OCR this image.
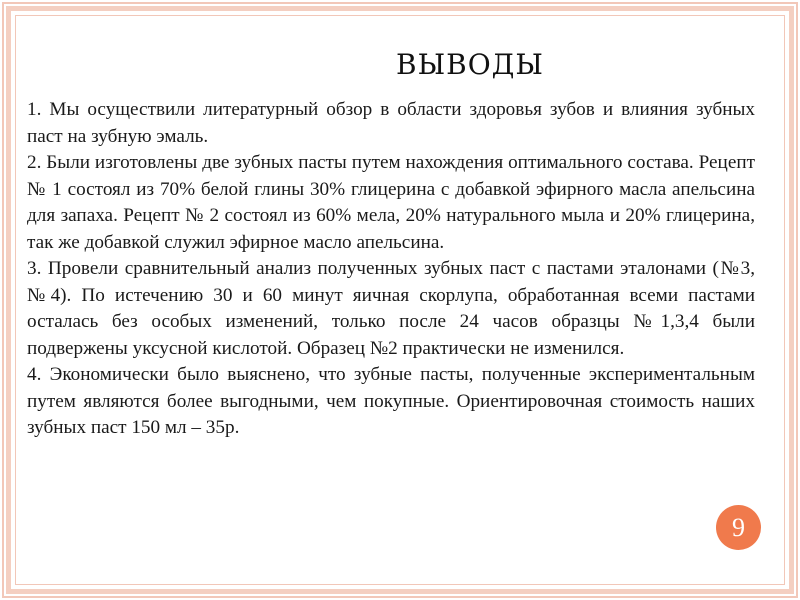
ВЫВОДЫ

1. Мы осуществили литературный обзор в области здоровья зубов и влияния зубных паст на зубную эмаль.

2. Были изготовлены две зубных пасты путем нахождения оптимального состава. Рецепт № 1 состоял из 70% белой глины 30% глицерина с добавкой эфирного масла апельсина для запаха. Рецепт № 2 состоял из 60% мела, 20% натурального мыла и 20% глицерина, так же добавкой служил эфирное масло апельсина.

3. Провели сравнительный анализ полученных зубных паст с пастами эталонами (№3, №4). По истечению 30 и 60 минут яичная скорлупа, обработанная всеми пастами осталась без особых изменений, только после 24 часов образцы №1,3,4 были подвержены уксусной кислотой. Образец №2 практически не изменился.

4. Экономически было выяснено, что зубные пасты, полученные экспериментальным путем являются более выгодными, чем покупные. Ориентировочная стоимость наших зубных паст 150 мл – 35р.

9
